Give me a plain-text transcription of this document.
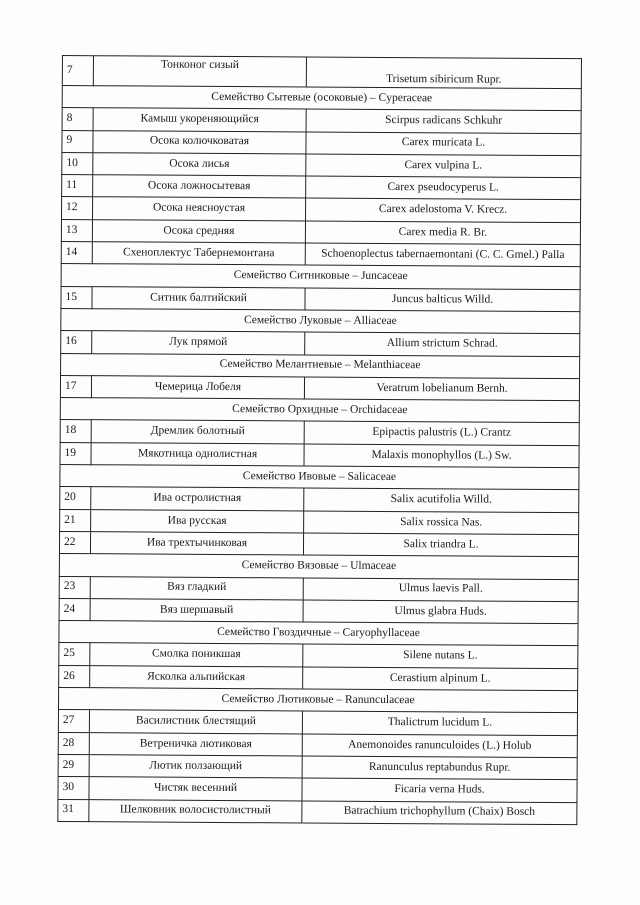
7	Тонконог сизый	Trisetum sibiricum Rupr.
Семейство Сытевые (осоковые) – Cyperaceae		
8	Камыш укореняющийся	Scirpus radicans Schkuhr
9	Осока колючковатая	Carex muricata L.
10	Осока лисья	Carex vulpina L.
11	Осока ложносытевая	Carex pseudocyperus L.
12	Осока неясноустая	Carex adelostoma V. Krecz.
13	Осока средняя	Carex media R. Br.
14	Схеноплектус Табернемонтана	Schoenoplectus tabernaemontani (C. C. Gmel.) Palla
Семейство Ситниковые – Juncaceae		
15	Ситник балтийский	Juncus balticus Willd.
Семейство Луковые – Alliaceae		
16	Лук прямой	Allium strictum Schrad.
Семейство Мелантиевые – Melanthiaceae		
17	Чемерица Лобеля	Veratrum lobelianum Bernh.
Семейство Орхидные – Orchidaceae		
18	Дремлик болотный	Epipactis palustris (L.) Crantz
19	Мякотница однолистная	Malaxis monophyllos (L.) Sw.
Семейство Ивовые – Salicaceae		
20	Ива остролистная	Salix acutifolia Willd.
21	Ива русская	Salix rossica Nas.
22	Ива трехтычинковая	Salix triandra L.
Семейство Вязовые – Ulmaceae		
23	Вяз гладкий	Ulmus laevis Pall.
24	Вяз шершавый	Ulmus glabra Huds.
Семейство Гвоздичные – Caryophyllaceae		
25	Смолка поникшая	Silene nutans L.
26	Ясколка альпийская	Cerastium alpinum L.
Семейство Лютиковые – Ranunculaceae		
27	Василистник блестящий	Thalictrum lucidum L.
28	Ветреничка лютиковая	Anemonoides ranunculoides (L.) Holub
29	Лютик ползающий	Ranunculus reptabundus Rupr.
30	Чистяк весенний	Ficaria verna Huds.
31	Шелковник волосистолистный	Batrachium trichophyllum (Chaix) Bosch
